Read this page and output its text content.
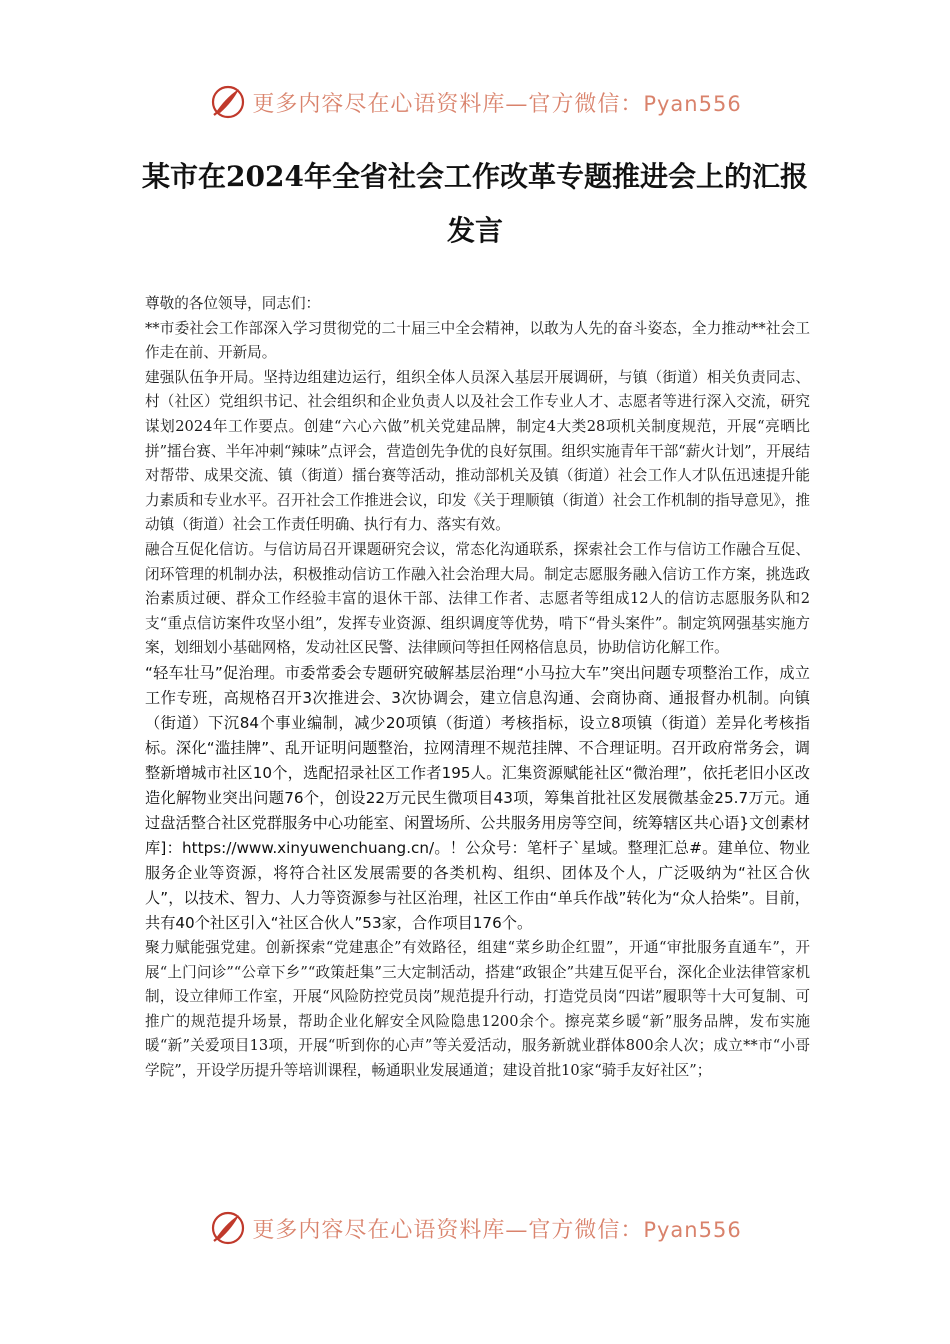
更多内容尽在心语资料库—官方微信：Pyan556
某市在2024年全省社会工作改革专题推进会上的汇报发言

尊敬的各位领导，同志们：

**市委社会工作部深入学习贯彻党的二十届三中全会精神，以敢为人先的奋斗姿态，全力推动**社会工作走在前、开新局。

建强队伍争开局。坚持边组建边运行，组织全体人员深入基层开展调研，与镇（街道）相关负责同志、村（社区）党组织书记、社会组织和企业负责人以及社会工作专业人才、志愿者等进行深入交流，研究谋划2024年工作要点。创建“六心六做”机关党建品牌，制定4大类28项机关制度规范，开展“亮晒比拼”擂台赛、半年冲刺“辣味”点评会，营造创先争优的良好氛围。组织实施青年干部“薪火计划”，开展结对帮带、成果交流、镇（街道）擂台赛等活动，推动部机关及镇（街道）社会工作人才队伍迅速提升能力素质和专业水平。召开社会工作推进会议，印发《关于理顺镇（街道）社会工作机制的指导意见》，推动镇（街道）社会工作责任明确、执行有力、落实有效。

融合互促化信访。与信访局召开课题研究会议，常态化沟通联系，探索社会工作与信访工作融合互促、闭环管理的机制办法，积极推动信访工作融入社会治理大局。制定志愿服务融入信访工作方案，挑选政治素质过硬、群众工作经验丰富的退休干部、法律工作者、志愿者等组成12人的信访志愿服务队和2支“重点信访案件攻坚小组”，发挥专业资源、组织调度等优势，啃下“骨头案件”。制定筑网强基实施方案，划细划小基础网格，发动社区民警、法律顾问等担任网格信息员，协助信访化解工作。

“轻车壮马”促治理。市委常委会专题研究破解基层治理“小马拉大车”突出问题专项整治工作，成立工作专班，高规格召开3次推进会、3次协调会，建立信息沟通、会商协商、通报督办机制。向镇（街道）下沉84个事业编制，减少20项镇（街道）考核指标，设立8项镇（街道）差异化考核指标。深化“滥挂牌”、乱开证明问题整治，拉网清理不规范挂牌、不合理证明。召开政府常务会，调整新增城市社区10个，选配招录社区工作者195人。汇集资源赋能社区“微治理”，依托老旧小区改造化解物业突出问题76个，创设22万元民生微项目43项，筹集首批社区发展微基金25.7万元。通过盘活整合社区党群服务中心功能室、闲置场所、公共服务用房等空间，统筹辖区共心语}文创素材库]：https://www.xinyuwenchuang.cn/。！公众号：笔杆子`星域。整理汇总#。建单位、物业服务企业等资源，将符合社区发展需要的各类机构、组织、团体及个人，广泛吸纳为“社区合伙人”，以技术、智力、人力等资源参与社区治理，社区工作由“单兵作战”转化为“众人拾柴”。目前，共有40个社区引入“社区合伙人”53家，合作项目176个。

聚力赋能强党建。创新探索“党建惠企”有效路径，组建“菜乡助企红盟”，开通“审批服务直通车”，开展“上门问诊”“公章下乡”“政策赶集”三大定制活动，搭建“政银企”共建互促平台，深化企业法律管家机制，设立律师工作室，开展“风险防控党员岗”规范提升行动，打造党员岗“四诺”履职等十大可复制、可推广的规范提升场景，帮助企业化解安全风险隐患1200余个。擦亮菜乡暖“新”服务品牌，发布实施暖“新”关爱项目13项，开展“听到你的心声”等关爱活动，服务新就业群体800余人次；成立**市“小哥学院”，开设学历提升等培训课程，畅通职业发展通道；建设首批10家“骑手友好社区”；

更多内容尽在心语资料库—官方微信：Pyan556
